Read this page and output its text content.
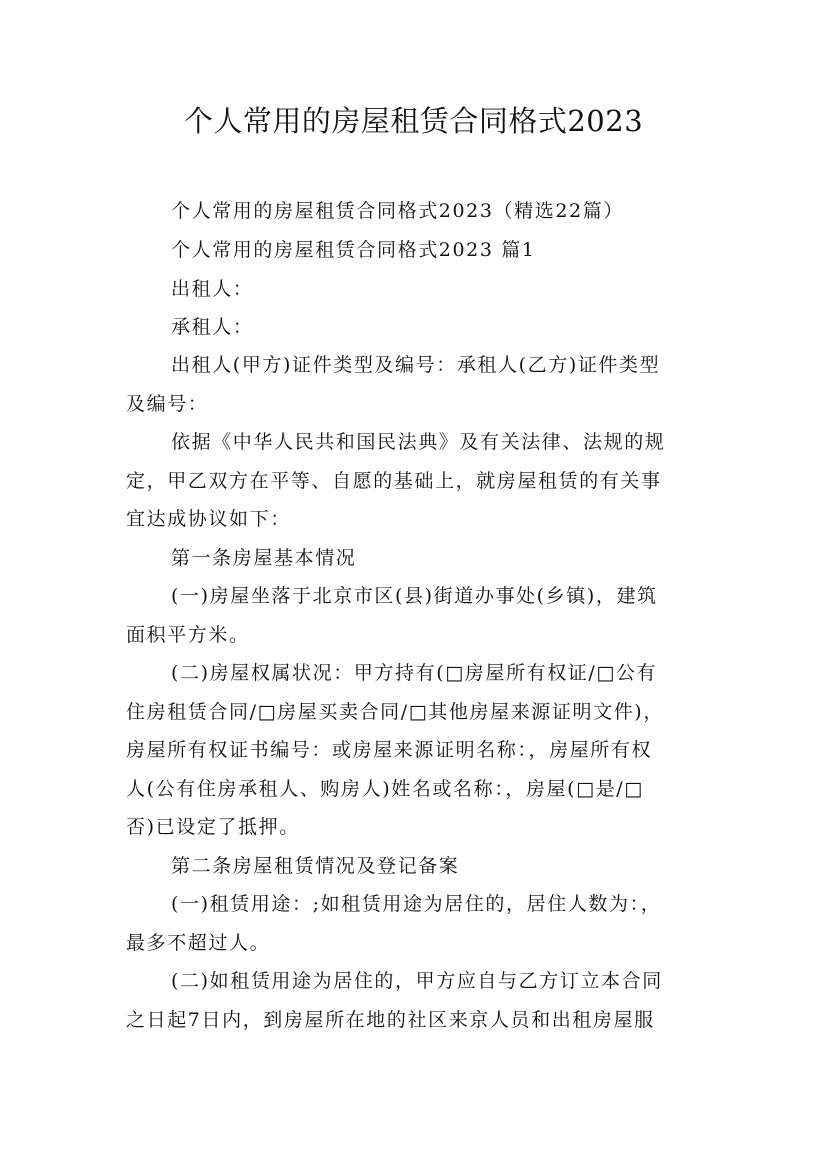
个人常用的房屋租赁合同格式2023
个人常用的房屋租赁合同格式2023（精选22篇）
个人常用的房屋租赁合同格式2023 篇1
出租人：
承租人：
出租人(甲方)证件类型及编号：承租人(乙方)证件类型
及编号：
依据《中华人民共和国民法典》及有关法律、法规的规
定，甲乙双方在平等、自愿的基础上，就房屋租赁的有关事
宜达成协议如下：
第一条房屋基本情况
(一)房屋坐落于北京市区(县)街道办事处(乡镇)，建筑
面积平方米。
(二)房屋权属状况：甲方持有(□房屋所有权证/□公有
住房租赁合同/□房屋买卖合同/□其他房屋来源证明文件)，
房屋所有权证书编号：或房屋来源证明名称：，房屋所有权
人(公有住房承租人、购房人)姓名或名称：，房屋(□是/□
否)已设定了抵押。
第二条房屋租赁情况及登记备案
(一)租赁用途：;如租赁用途为居住的，居住人数为：，
最多不超过人。
(二)如租赁用途为居住的，甲方应自与乙方订立本合同
之日起7日内，到房屋所在地的社区来京人员和出租房屋服
